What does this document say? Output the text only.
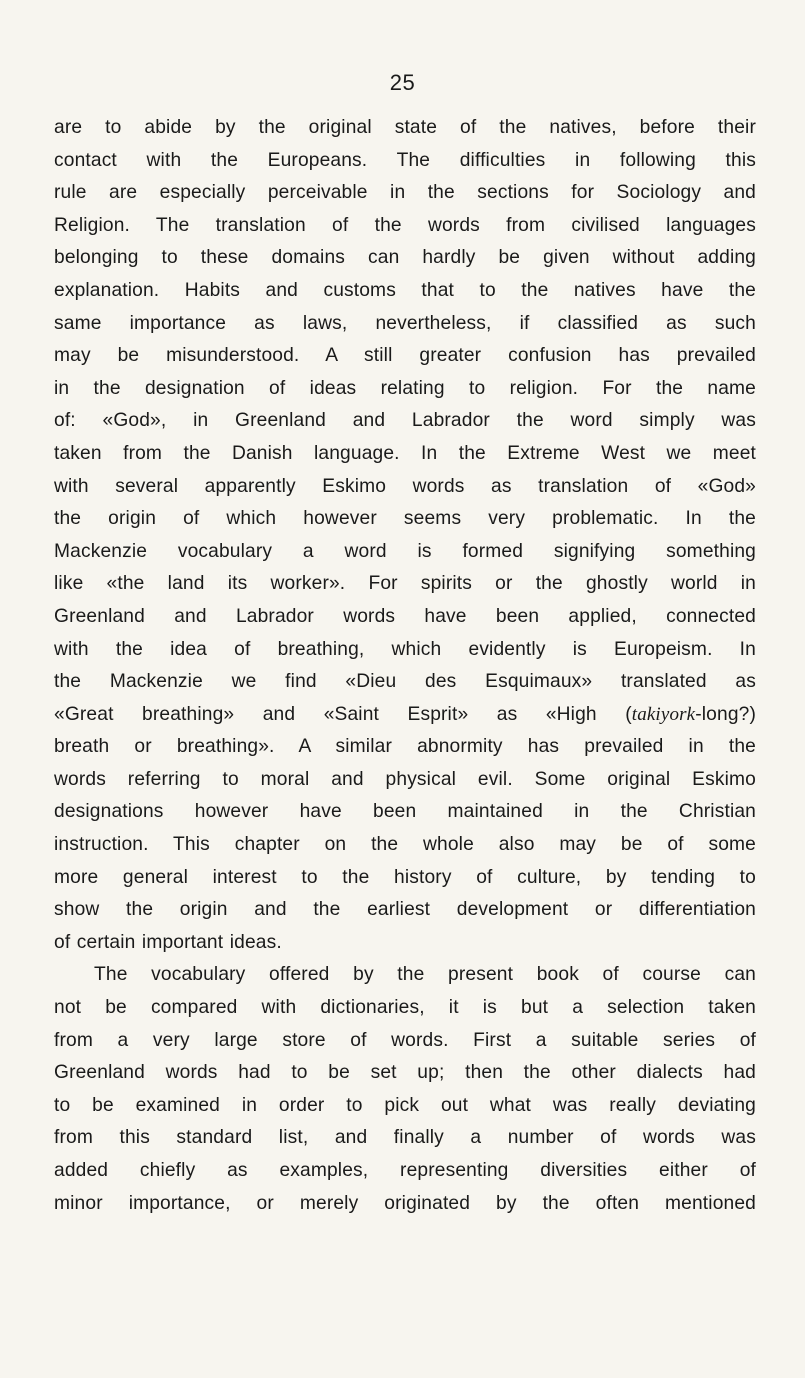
25
are to abide by the original state of the natives, before their
contact with the Europeans. The difficulties in following this
rule are especially perceivable in the sections for Sociology and
Religion. The translation of the words from civilised languages
belonging to these domains can hardly be given without adding
explanation. Habits and customs that to the natives have the
same importance as laws, nevertheless, if classified as such
may be misunderstood. A still greater confusion has prevailed
in the designation of ideas relating to religion. For the name
of: «God», in Greenland and Labrador the word simply was
taken from the Danish language. In the Extreme West we meet
with several apparently Eskimo words as translation of «God»
the origin of which however seems very problematic. In the
Mackenzie vocabulary a word is formed signifying something
like «the land its worker». For spirits or the ghostly world in
Greenland and Labrador words have been applied, connected
with the idea of breathing, which evidently is Europeism. In
the Mackenzie we find «Dieu des Esquimaux» translated as
«Great breathing» and «Saint Esprit» as «High (takiyork-long?)
breath or breathing». A similar abnormity has prevailed in the
words referring to moral and physical evil. Some original Eskimo
designations however have been maintained in the Christian
instruction. This chapter on the whole also may be of some
more general interest to the history of culture, by tending to
show the origin and the earliest development or differentiation
of certain important ideas.
The vocabulary offered by the present book of course can
not be compared with dictionaries, it is but a selection taken
from a very large store of words. First a suitable series of
Greenland words had to be set up; then the other dialects had
to be examined in order to pick out what was really deviating
from this standard list, and finally a number of words was
added chiefly as examples, representing diversities either of
minor importance, or merely originated by the often mentioned
